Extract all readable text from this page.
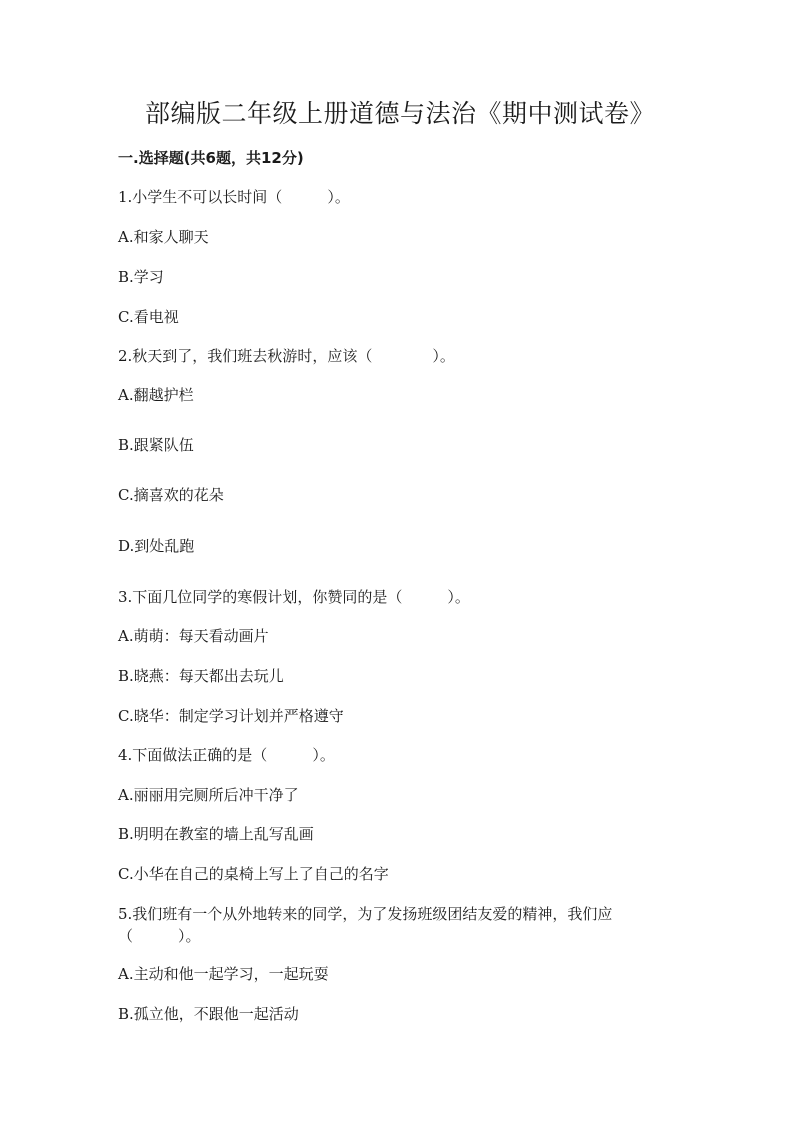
部编版二年级上册道德与法治《期中测试卷》
一.选择题(共6题，共12分)
1.小学生不可以长时间（　　　）。
A.和家人聊天
B.学习
C.看电视
2.秋天到了，我们班去秋游时，应该（　　　　）。
A.翻越护栏
B.跟紧队伍
C.摘喜欢的花朵
D.到处乱跑
3.下面几位同学的寒假计划，你赞同的是（　　　）。
A.萌萌：每天看动画片
B.晓燕：每天都出去玩儿
C.晓华：制定学习计划并严格遵守
4.下面做法正确的是（　　　）。
A.丽丽用完厕所后冲干净了
B.明明在教室的墙上乱写乱画
C.小华在自己的桌椅上写上了自己的名字
5.我们班有一个从外地转来的同学，为了发扬班级团结友爱的精神，我们应（　　　）。
A.主动和他一起学习，一起玩耍
B.孤立他，不跟他一起活动
